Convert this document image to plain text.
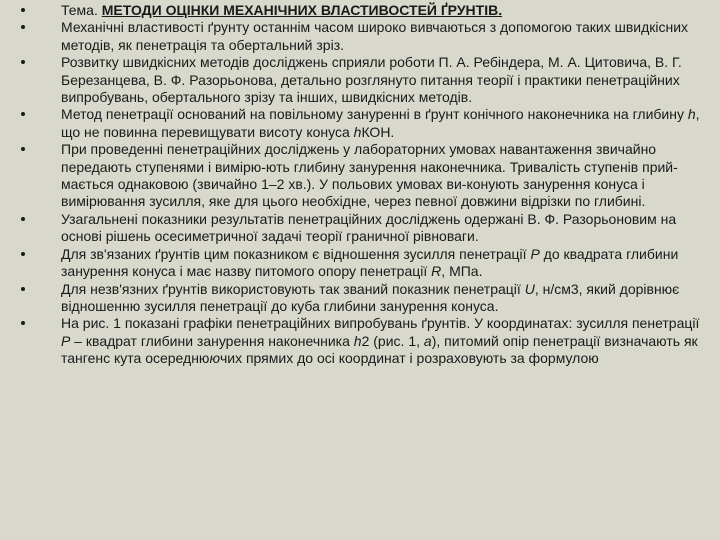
Тема. МЕТОДИ ОЦІНКИ МЕХАНІЧНИХ ВЛАСТИВОСТЕЙ ҐРУНТІВ.
Механічні властивості ґрунту останнім часом широко вивчаються з допомогою таких швидкісних методів, як пенетрація та обертальний зріз.
Розвитку швидкісних методів досліджень сприяли роботи П. А. Ребіндера, М. А. Цитовича, В. Г. Березанцева, В. Ф. Разорьонова, детально розглянуто питання теорії і практики пенетраційних випробувань, обертального зрізу та інших, швидкісних методів.
Метод пенетрації оснований на повільному зануренні в ґрунт конічного наконечника на глибину h, що не повинна перевищувати висоту конуса hКОН.
При проведенні пенетраційних досліджень у лабораторних умовах навантаження звичайно передають ступенями і вимірю-ють глибину занурення наконечника. Тривалість ступенів прий-мається однаковою (звичайно 1–2 хв.). У польових умовах ви-конують занурення конуса і вимірювання зусилля, яке для цього необхідне, через певної довжини відрізки по глибині.
Узагальнені показники результатів пенетраційних досліджень одержані В. Ф. Разорьоновим на основі рішень осесиметричної задачі теорії граничної рівноваги.
Для зв'язаних ґрунтів цим показником є відношення зусилля пенетрації Р до квадрата глибини занурення конуса і має назву питомого опору пенетрації R, МПа.
Для незв'язних ґрунтів використовують так званий показник пенетрації U, н/см3, який дорівнює відношенню зусилля пенетрації до куба глибини занурення конуса.
На рис. 1 показані графіки пенетраційних випробувань ґрунтів. У координатах: зусилля пенетрації Р – квадрат глибини занурення наконечника h2 (рис. 1, а), питомий опір пенетрації визначають як тангенс кута осереднюючих прямих до осі координат і розраховують за формулою
